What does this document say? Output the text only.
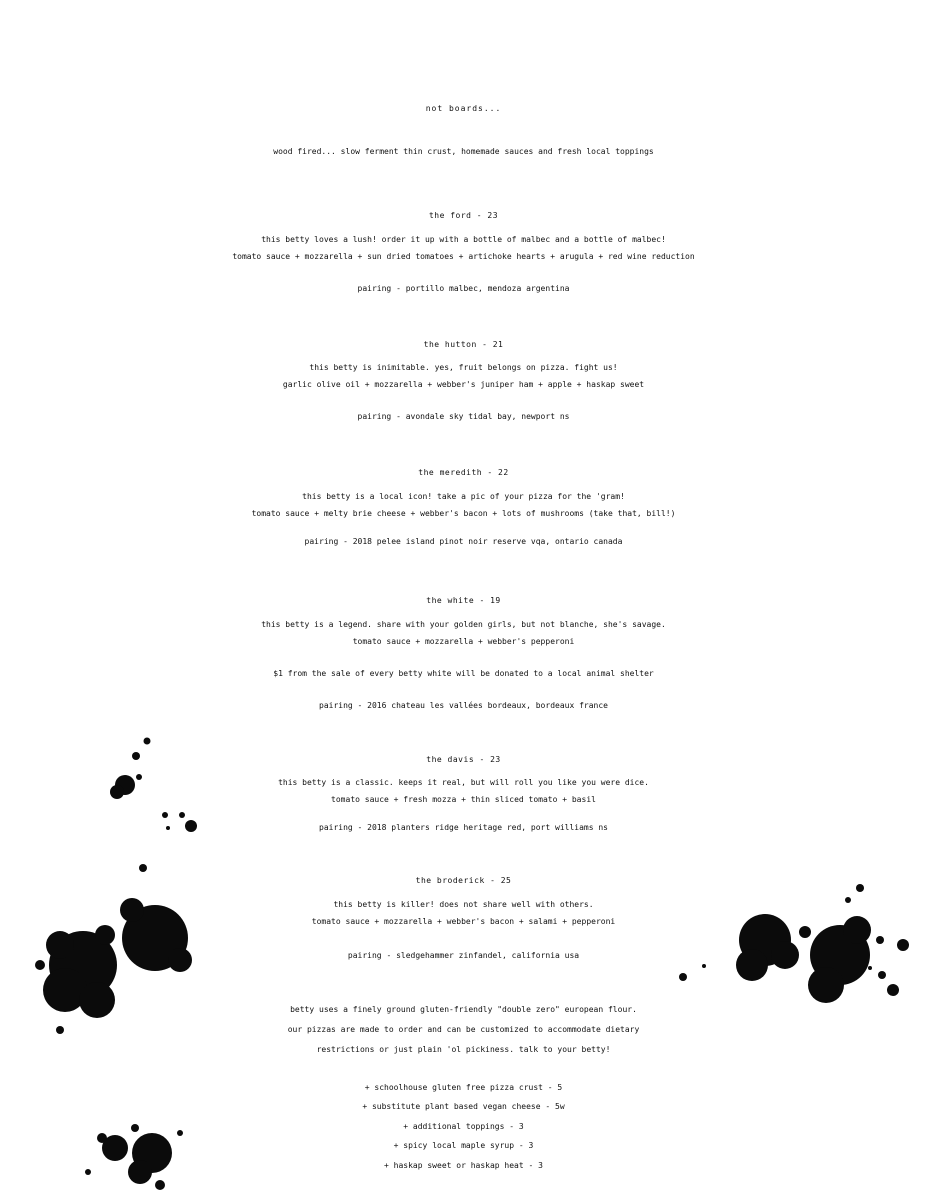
not boards...
wood fired... slow ferment thin crust, homemade sauces and fresh local toppings
the ford - 23
this betty loves a lush! order it up with a bottle of malbec and a bottle of malbec!
tomato sauce + mozzarella + sun dried tomatoes + artichoke hearts + arugula + red wine reduction
pairing - portillo malbec, mendoza argentina
the hutton - 21
this betty is inimitable. yes, fruit belongs on pizza. fight us!
garlic olive oil + mozzarella + webber's juniper ham + apple + haskap sweet
pairing - avondale sky tidal bay, newport ns
the meredith - 22
this betty is a local icon! take a pic of your pizza for the 'gram!
tomato sauce + melty brie cheese + webber's bacon + lots of mushrooms (take that, bill!)
pairing - 2018 pelee island pinot noir reserve vqa, ontario canada
the white - 19
this betty is a legend. share with your golden girls, but not blanche, she's savage.
tomato sauce + mozzarella + webber's pepperoni
$1 from the sale of every betty white will be donated to a local animal shelter
pairing - 2016 chateau les vallées bordeaux, bordeaux france
the davis - 23
this betty is a classic. keeps it real, but will roll you like you were dice.
tomato sauce + fresh mozza + thin sliced tomato + basil
pairing - 2018 planters ridge heritage red, port williams ns
the broderick - 25
this betty is killer! does not share well with others.
tomato sauce + mozzarella + webber's bacon + salami + pepperoni
pairing - sledgehammer zinfandel, california usa
betty uses a finely ground gluten-friendly "double zero" european flour.
our pizzas are made to order and can be customized to accommodate dietary
restrictions or just plain 'ol pickiness. talk to your betty!
+ schoolhouse gluten free pizza crust - 5
+ substitute plant based vegan cheese - 5w
+ additional toppings - 3
+ spicy local maple syrup - 3
+ haskap sweet or haskap heat - 3
